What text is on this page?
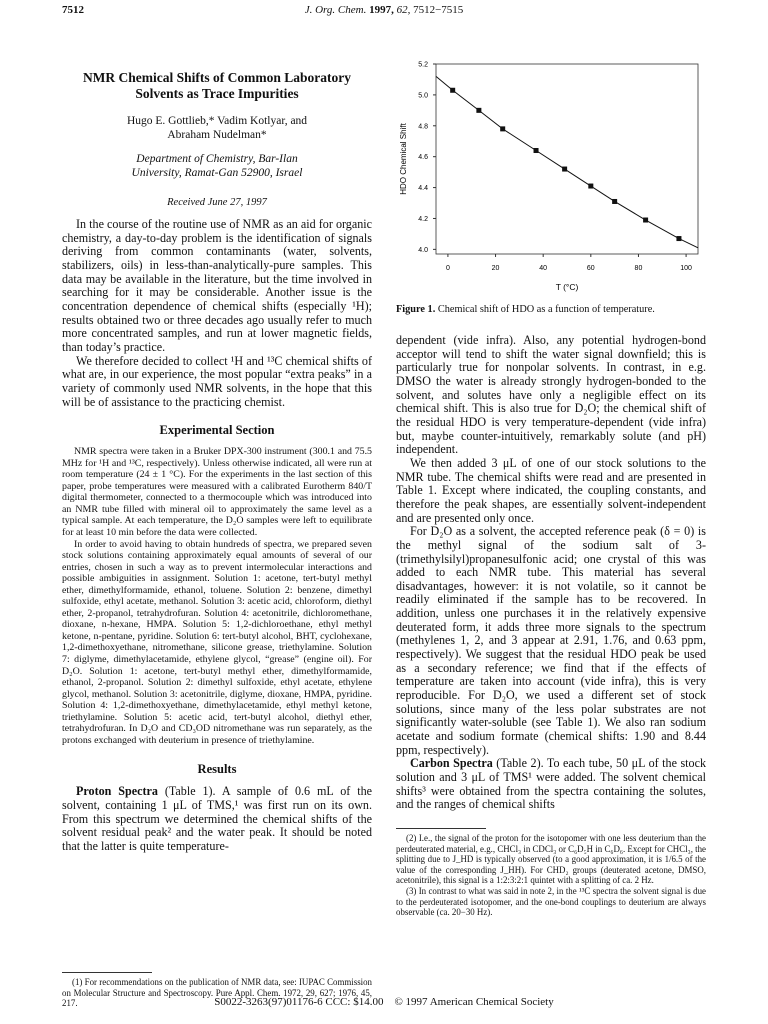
7512	J. Org. Chem. 1997, 62, 7512−7515
NMR Chemical Shifts of Common Laboratory Solvents as Trace Impurities
Hugo E. Gottlieb,* Vadim Kotlyar, and Abraham Nudelman*
Department of Chemistry, Bar-Ilan University, Ramat-Gan 52900, Israel
Received June 27, 1997

In the course of the routine use of NMR as an aid for organic chemistry, a day-to-day problem is the identification of signals deriving from common contaminants (water, solvents, stabilizers, oils) in less-than-analytically-pure samples. This data may be available in the literature, but the time involved in searching for it may be considerable. Another issue is the concentration dependence of chemical shifts (especially ¹H); results obtained two or three decades ago usually refer to much more concentrated samples, and run at lower magnetic fields, than today’s practice.

We therefore decided to collect ¹H and ¹³C chemical shifts of what are, in our experience, the most popular “extra peaks” in a variety of commonly used NMR solvents, in the hope that this will be of assistance to the practicing chemist.

Experimental Section

NMR spectra were taken in a Bruker DPX-300 instrument (300.1 and 75.5 MHz for ¹H and ¹³C, respectively). Unless otherwise indicated, all were run at room temperature (24 ± 1 °C). For the experiments in the last section of this paper, probe temperatures were measured with a calibrated Eurotherm 840/T digital thermometer, connected to a thermocouple which was introduced into an NMR tube filled with mineral oil to approximately the same level as a typical sample. At each temperature, the D₂O samples were left to equilibrate for at least 10 min before the data were collected.

In order to avoid having to obtain hundreds of spectra, we prepared seven stock solutions containing approximately equal amounts of several of our entries, chosen in such a way as to prevent intermolecular interactions and possible ambiguities in assignment. Solution 1: acetone, tert-butyl methyl ether, dimethylformamide, ethanol, toluene. Solution 2: benzene, dimethyl sulfoxide, ethyl acetate, methanol. Solution 3: acetic acid, chloroform, diethyl ether, 2-propanol, tetrahydrofuran. Solution 4: acetonitrile, dichloromethane, dioxane, n-hexane, HMPA. Solution 5: 1,2-dichloroethane, ethyl methyl ketone, n-pentane, pyridine. Solution 6: tert-butyl alcohol, BHT, cyclohexane, 1,2-dimethoxyethane, nitromethane, silicone grease, triethylamine. Solution 7: diglyme, dimethylacetamide, ethylene glycol, “grease” (engine oil). For D₂O. Solution 1: acetone, tert-butyl methyl ether, dimethylformamide, ethanol, 2-propanol. Solution 2: dimethyl sulfoxide, ethyl acetate, ethylene glycol, methanol. Solution 3: acetonitrile, diglyme, dioxane, HMPA, pyridine. Solution 4: 1,2-dimethoxyethane, dimethylacetamide, ethyl methyl ketone, triethylamine. Solution 5: acetic acid, tert-butyl alcohol, diethyl ether, tetrahydrofuran. In D₂O and CD₃OD nitromethane was run separately, as the protons exchanged with deuterium in presence of triethylamine.

Results

Proton Spectra (Table 1). A sample of 0.6 mL of the solvent, containing 1 μL of TMS,¹ was first run on its own. From this spectrum we determined the chemical shifts of the solvent residual peak² and the water peak. It should be noted that the latter is quite temperature-

(1) For recommendations on the publication of NMR data, see: IUPAC Commission on Molecular Structure and Spectroscopy. Pure Appl. Chem. 1972, 29, 627; 1976, 45, 217.

0	20	40	60	80	100
4.0
4.2
4.4
4.6
4.8
5.0
5.2
T (°C)
HDO Chemical Shift
Figure 1. Chemical shift of HDO as a function of temperature.

dependent (vide infra). Also, any potential hydrogen-bond acceptor will tend to shift the water signal downfield; this is particularly true for nonpolar solvents. In contrast, in e.g. DMSO the water is already strongly hydrogen-bonded to the solvent, and solutes have only a negligible effect on its chemical shift. This is also true for D₂O; the chemical shift of the residual HDO is very temperature-dependent (vide infra) but, maybe counter-intuitively, remarkably solute (and pH) independent.

We then added 3 μL of one of our stock solutions to the NMR tube. The chemical shifts were read and are presented in Table 1. Except where indicated, the coupling constants, and therefore the peak shapes, are essentially solvent-independent and are presented only once.

For D₂O as a solvent, the accepted reference peak (δ = 0) is the methyl signal of the sodium salt of 3-(trimethylsilyl)propanesulfonic acid; one crystal of this was added to each NMR tube. This material has several disadvantages, however: it is not volatile, so it cannot be readily eliminated if the sample has to be recovered. In addition, unless one purchases it in the relatively expensive deuterated form, it adds three more signals to the spectrum (methylenes 1, 2, and 3 appear at 2.91, 1.76, and 0.63 ppm, respectively). We suggest that the residual HDO peak be used as a secondary reference; we find that if the effects of temperature are taken into account (vide infra), this is very reproducible. For D₂O, we used a different set of stock solutions, since many of the less polar substrates are not significantly water-soluble (see Table 1). We also ran sodium acetate and sodium formate (chemical shifts: 1.90 and 8.44 ppm, respectively).

Carbon Spectra (Table 2). To each tube, 50 μL of the stock solution and 3 μL of TMS¹ were added. The solvent chemical shifts³ were obtained from the spectra containing the solutes, and the ranges of chemical shifts

(2) I.e., the signal of the proton for the isotopomer with one less deuterium than the perdeuterated material, e.g., CHCl₃ in CDCl₃ or C₆D₅H in C₆D₆. Except for CHCl₃, the splitting due to J_HD is typically observed (to a good approximation, it is 1/6.5 of the value of the corresponding J_HH). For CHD₂ groups (deuterated acetone, DMSO, acetonitrile), this signal is a 1:2:3:2:1 quintet with a splitting of ca. 2 Hz.

(3) In contrast to what was said in note 2, in the ¹³C spectra the solvent signal is due to the perdeuterated isotopomer, and the one-bond couplings to deuterium are always observable (ca. 20−30 Hz).

S0022-3263(97)01176-6 CCC: $14.00 © 1997 American Chemical Society
